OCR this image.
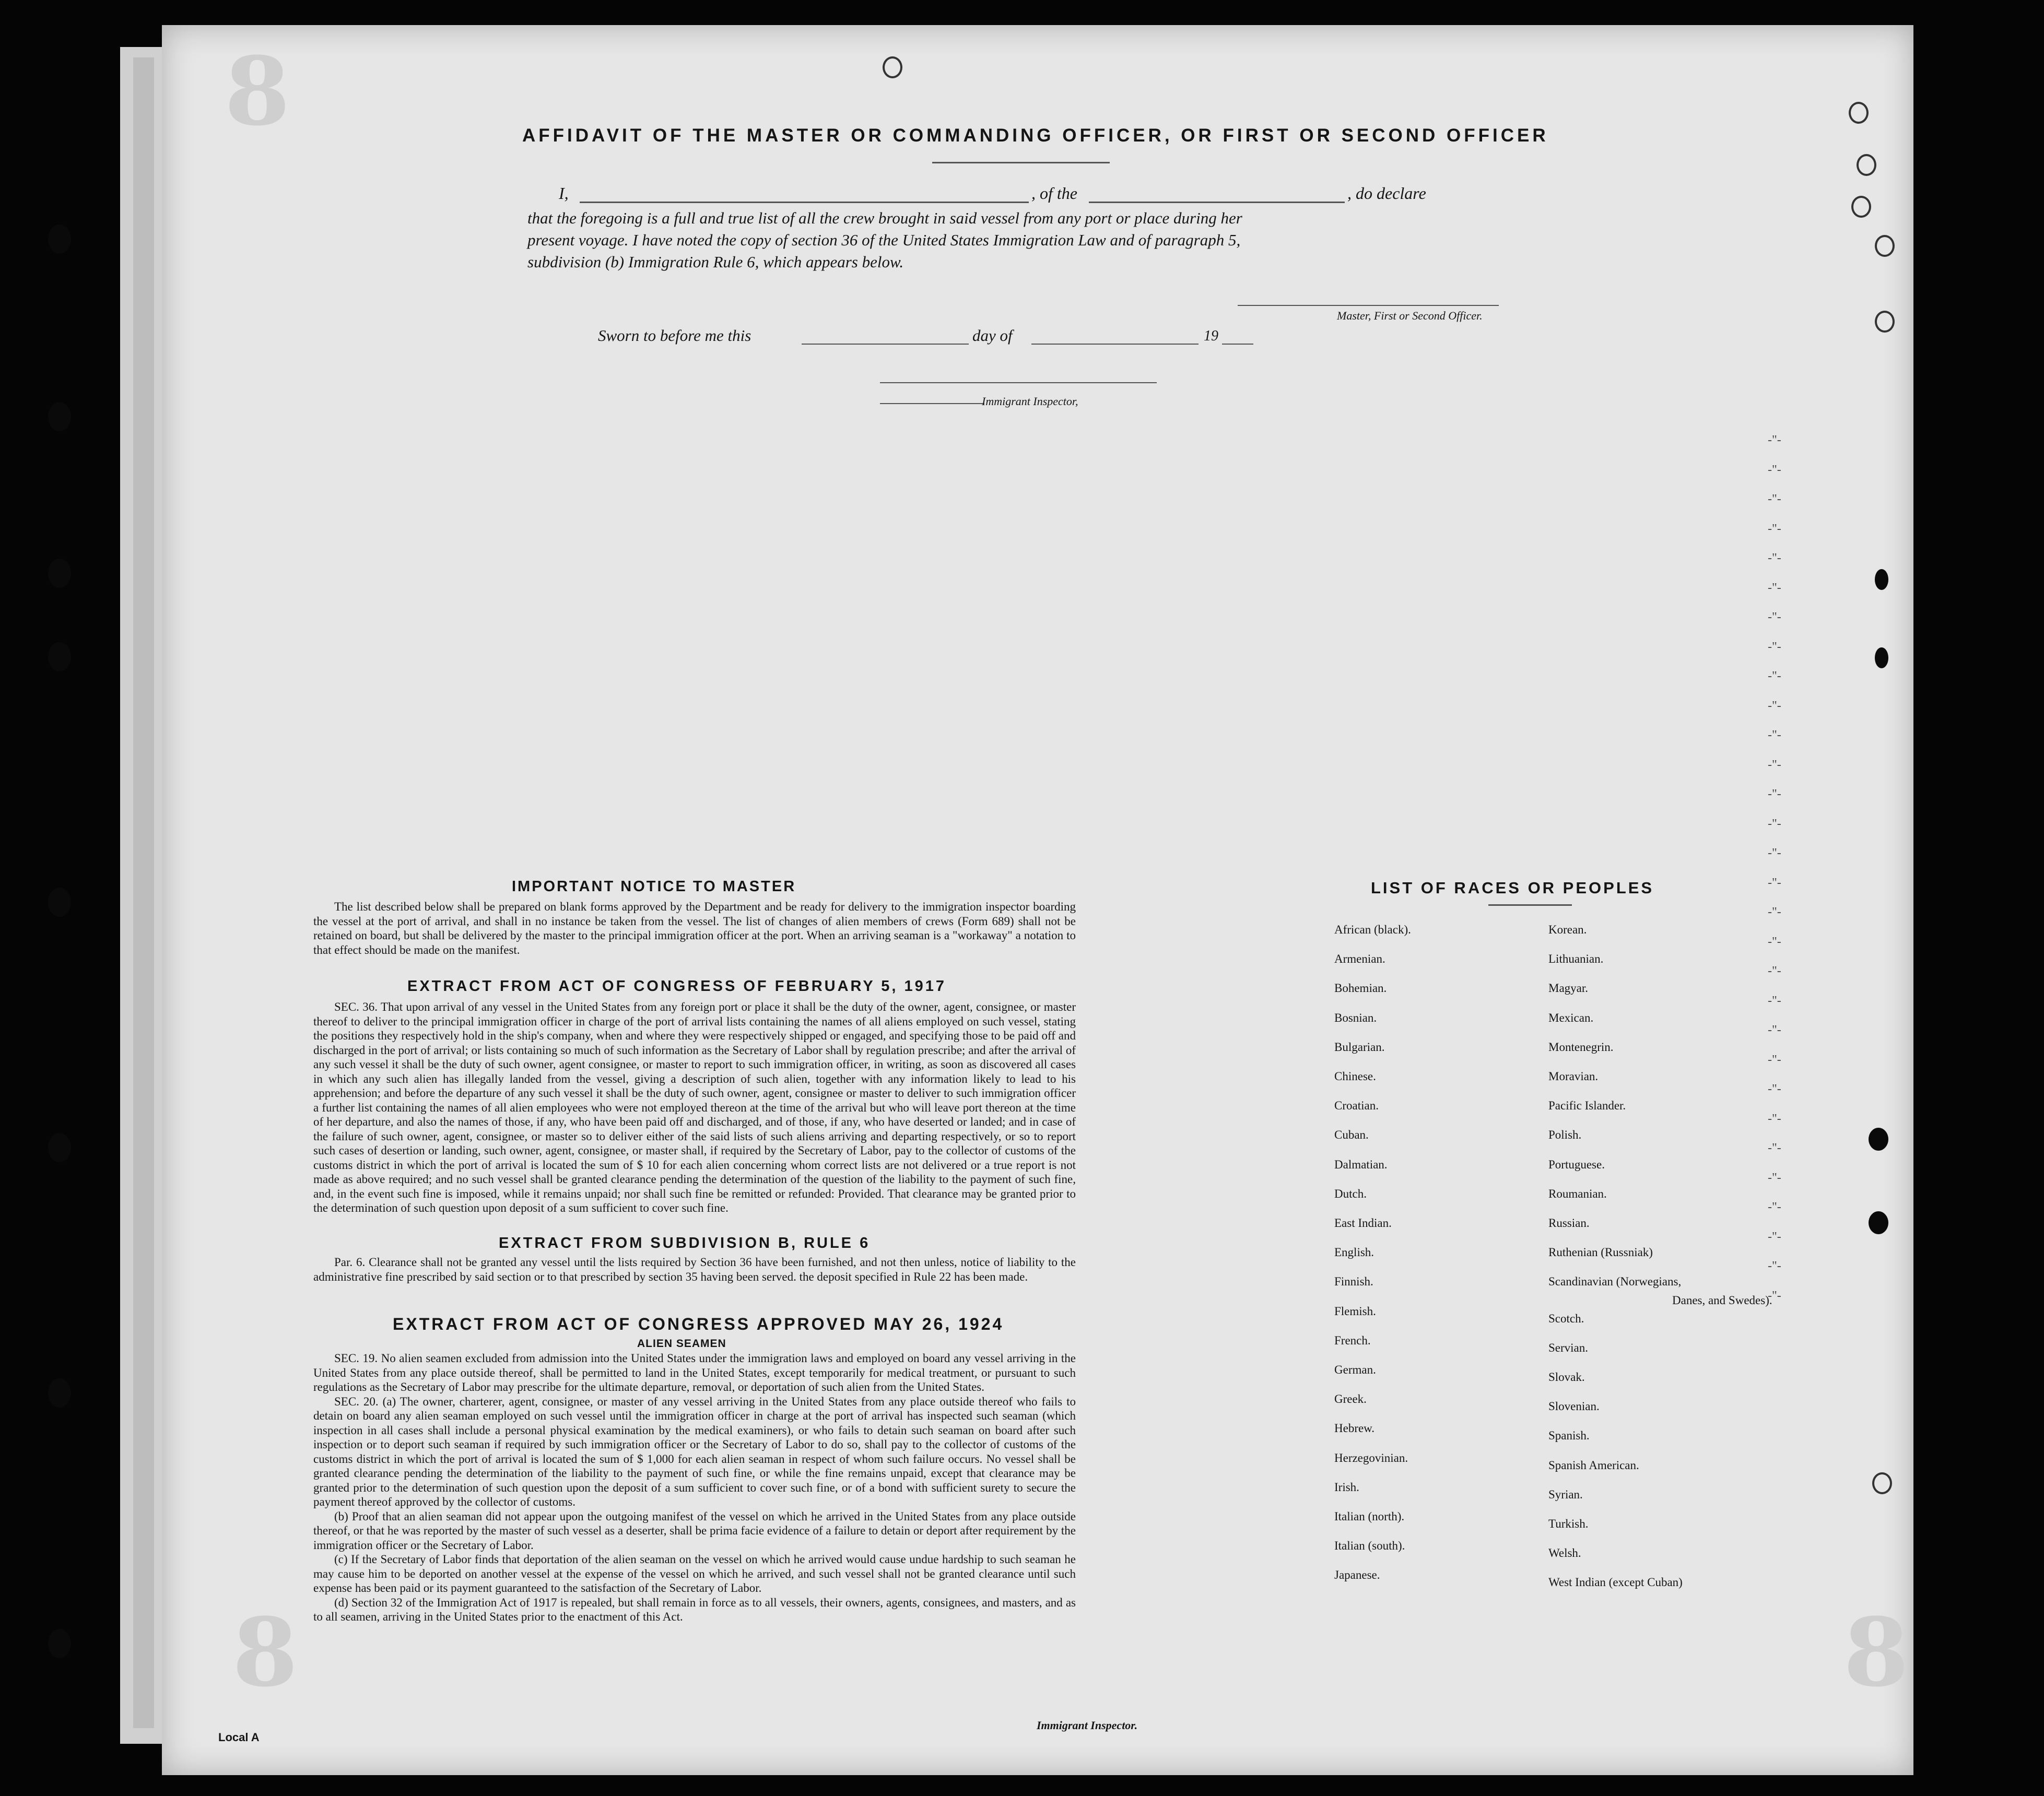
8
8	8
AFFIDAVIT OF THE MASTER OR COMMANDING OFFICER, OR FIRST OR SECOND OFFICER
I,	, of the	, do declare
that the foregoing is a full and true list of all the crew brought in said vessel from any port or place during her
present voyage. I have noted the copy of section 36 of the United States Immigration Law and of paragraph 5,
subdivision (b) Immigration Rule 6, which appears below.
Master, First or Second Officer.
Sworn to before me this	day of	19
Immigrant Inspector,
IMPORTANT NOTICE TO MASTER

The list described below shall be prepared on blank forms approved by the Department and be ready for delivery to the immigration inspector boarding the vessel at the port of arrival, and shall in no instance be taken from the vessel. The list of changes of alien members of crews (Form 689) shall not be retained on board, but shall be delivered by the master to the principal immigration officer at the port. When an arriving seaman is a "workaway" a notation to that effect should be made on the manifest.

EXTRACT FROM ACT OF CONGRESS OF FEBRUARY 5, 1917

SEC. 36. That upon arrival of any vessel in the United States from any foreign port or place it shall be the duty of the owner, agent, consignee, or master thereof to deliver to the principal immigration officer in charge of the port of arrival lists containing the names of all aliens employed on such vessel, stating the positions they respectively hold in the ship's company, when and where they were respectively shipped or engaged, and specifying those to be paid off and discharged in the port of arrival; or lists containing so much of such information as the Secretary of Labor shall by regulation prescribe; and after the arrival of any such vessel it shall be the duty of such owner, agent consignee, or master to report to such immigration officer, in writing, as soon as discovered all cases in which any such alien has illegally landed from the vessel, giving a description of such alien, together with any information likely to lead to his apprehension; and before the departure of any such vessel it shall be the duty of such owner, agent, consignee or master to deliver to such immigration officer a further list containing the names of all alien employees who were not employed thereon at the time of the arrival but who will leave port thereon at the time of her departure, and also the names of those, if any, who have been paid off and discharged, and of those, if any, who have deserted or landed; and in case of the failure of such owner, agent, consignee, or master so to deliver either of the said lists of such aliens arriving and departing respectively, or so to report such cases of desertion or landing, such owner, agent, consignee, or master shall, if required by the Secretary of Labor, pay to the collector of customs of the customs district in which the port of arrival is located the sum of $ 10 for each alien concerning whom correct lists are not delivered or a true report is not made as above required; and no such vessel shall be granted clearance pending the determination of the question of the liability to the payment of such fine, and, in the event such fine is imposed, while it remains unpaid; nor shall such fine be remitted or refunded: Provided. That clearance may be granted prior to the determination of such question upon deposit of a sum sufficient to cover such fine.

EXTRACT FROM SUBDIVISION B, RULE 6

Par. 6. Clearance shall not be granted any vessel until the lists required by Section 36 have been furnished, and not then unless, notice of liability to the administrative fine prescribed by said section or to that prescribed by section 35 having been served. the deposit specified in Rule 22 has been made.

EXTRACT FROM ACT OF CONGRESS APPROVED MAY 26, 1924
ALIEN SEAMEN

SEC. 19. No alien seamen excluded from admission into the United States under the immigration laws and employed on board any vessel arriving in the United States from any place outside thereof, shall be permitted to land in the United States, except temporarily for medical treatment, or pursuant to such regulations as the Secretary of Labor may prescribe for the ultimate departure, removal, or deportation of such alien from the United States.

SEC. 20. (a) The owner, charterer, agent, consignee, or master of any vessel arriving in the United States from any place outside thereof who fails to detain on board any alien seaman employed on such vessel until the immigration officer in charge at the port of arrival has inspected such seaman (which inspection in all cases shall include a personal physical examination by the medical examiners), or who fails to detain such seaman on board after such inspection or to deport such seaman if required by such immigration officer or the Secretary of Labor to do so, shall pay to the collector of customs of the customs district in which the port of arrival is located the sum of $ 1,000 for each alien seaman in respect of whom such failure occurs. No vessel shall be granted clearance pending the determination of the liability to the payment of such fine, or while the fine remains unpaid, except that clearance may be granted prior to the determination of such question upon the deposit of a sum sufficient to cover such fine, or of a bond with sufficient surety to secure the payment thereof approved by the collector of customs.

(b) Proof that an alien seaman did not appear upon the outgoing manifest of the vessel on which he arrived in the United States from any place outside thereof, or that he was reported by the master of such vessel as a deserter, shall be prima facie evidence of a failure to detain or deport after requirement by the immigration officer or the Secretary of Labor.

(c) If the Secretary of Labor finds that deportation of the alien seaman on the vessel on which he arrived would cause undue hardship to such seaman he may cause him to be deported on another vessel at the expense of the vessel on which he arrived, and such vessel shall not be granted clearance until such expense has been paid or its payment guaranteed to the satisfaction of the Secretary of Labor.

(d) Section 32 of the Immigration Act of 1917 is repealed, but shall remain in force as to all vessels, their owners, agents, consignees, and masters, and as to all seamen, arriving in the United States prior to the enactment of this Act.

LIST OF RACES OR PEOPLES
African (black).
Armenian.
Bohemian.
Bosnian.
Bulgarian.
Chinese.
Croatian.
Cuban.
Dalmatian.
Dutch.
East Indian.
English.
Finnish.
Flemish.
French.
German.
Greek.
Hebrew.
Herzegovinian.
Irish.
Italian (north).
Italian (south).
Japanese.
Korean.
Lithuanian.
Magyar.
Mexican.
Montenegrin.
Moravian.
Pacific Islander.
Polish.
Portuguese.
Roumanian.
Russian.
Ruthenian (Russniak)
Scandinavian (Norwegians,
Scotch.
Servian.
Slovak.
Slovenian.
Spanish.
Spanish American.
Syrian.
Turkish.
Welsh.
West Indian (except Cuban)
Danes, and Swedes).
-"-
-"-
-"-
-"-
-"-
-"-
-"-
-"-
-"-
-"-
-"-
-"-
-"-
-"-
-"-
-"-
-"-
-"-
-"-
-"-
-"-
-"-
-"-
-"-
-"-
-"-
-"-
-"-
-"-
-"-
Local A
Immigrant Inspector.
